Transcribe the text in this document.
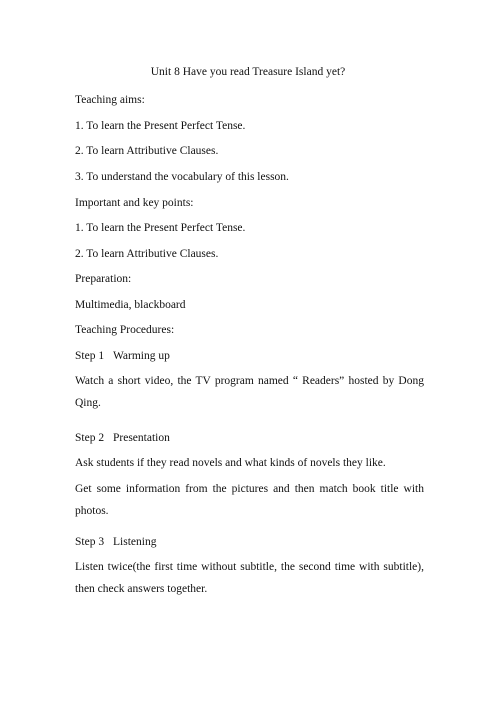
Unit 8 Have you read Treasure Island yet?
Teaching aims:
1. To learn the Present Perfect Tense.
2. To learn Attributive Clauses.
3. To understand the vocabulary of this lesson.
Important and key points:
1. To learn the Present Perfect Tense.
2. To learn Attributive Clauses.
Preparation:
Multimedia, blackboard
Teaching Procedures:
Step 1 Warming up
Watch a short video, the TV program named “ Readers” hosted by Dong Qing.
Step 2 Presentation
Ask students if they read novels and what kinds of novels they like.
Get some information from the pictures and then match book title with photos.
Step 3 Listening
Listen twice(the first time without subtitle, the second time with subtitle), then check answers together.
